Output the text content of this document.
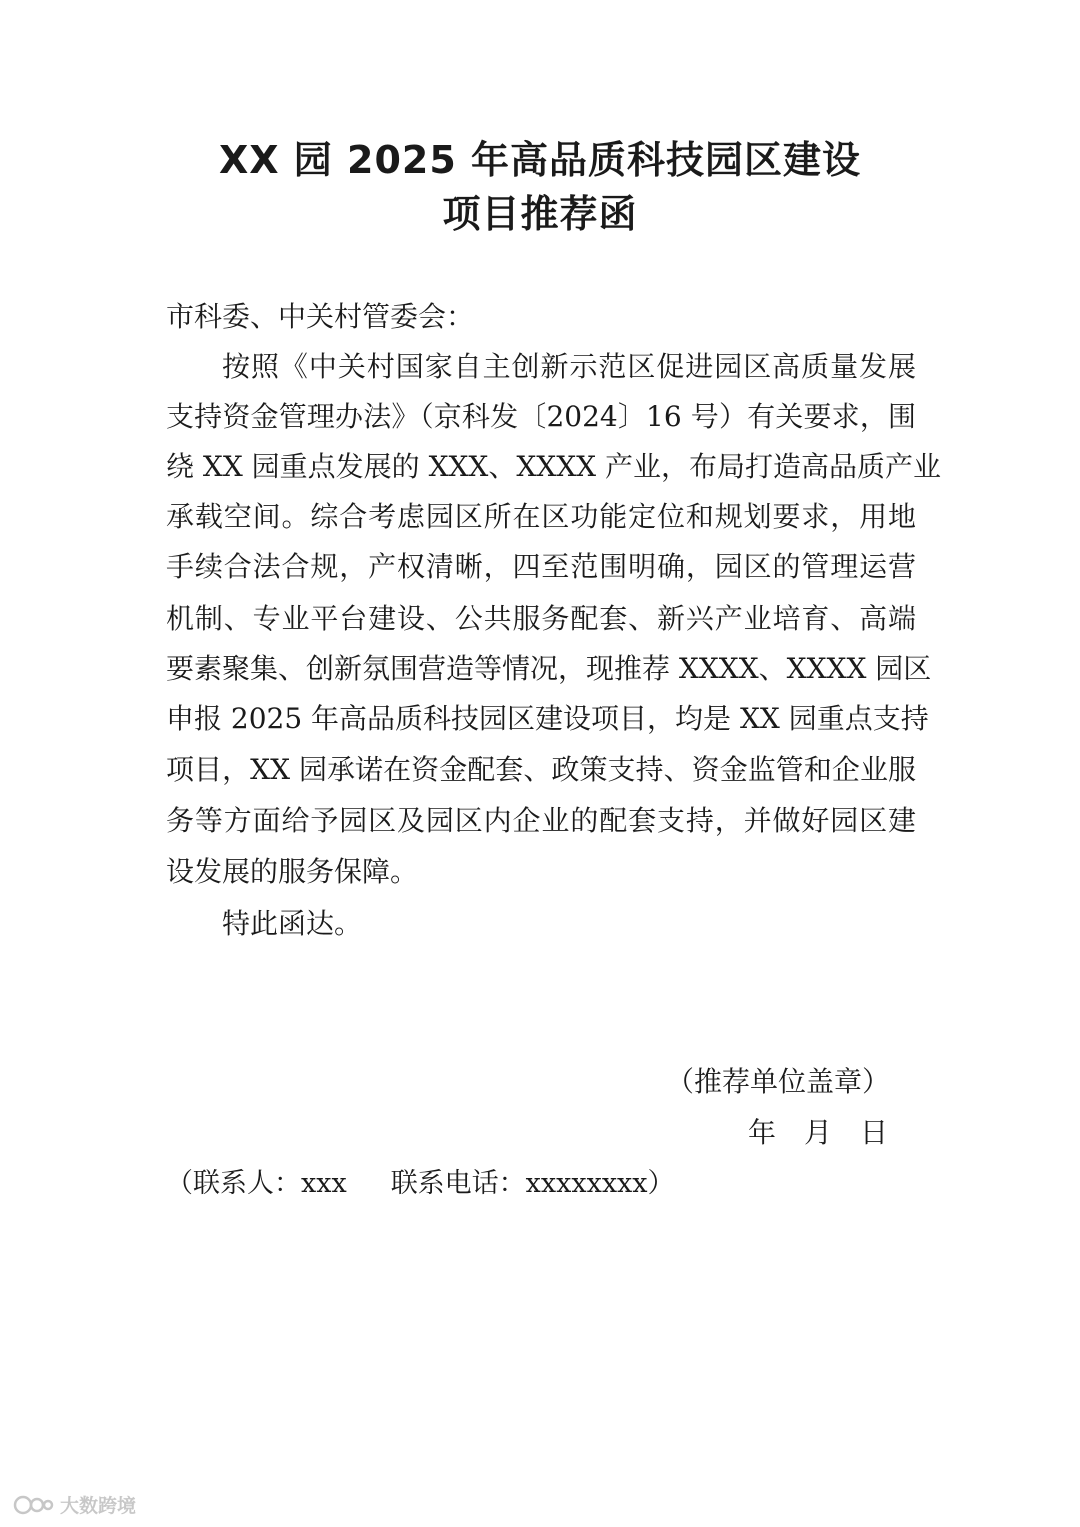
XX 园 2025 年高品质科技园区建设
项目推荐函
市科委、中关村管委会：
按照《中关村国家自主创新示范区促进园区高质量发展
支持资金管理办法》（京科发〔2024〕16 号）有关要求，围
绕 XX 园重点发展的 XXX、XXXX 产业，布局打造高品质产业
承载空间。综合考虑园区所在区功能定位和规划要求，用地
手续合法合规，产权清晰，四至范围明确，园区的管理运营
机制、专业平台建设、公共服务配套、新兴产业培育、高端
要素聚集、创新氛围营造等情况，现推荐 XXXX、XXXX 园区
申报 2025 年高品质科技园区建设项目，均是 XX 园重点支持
项目，XX 园承诺在资金配套、政策支持、资金监管和企业服
务等方面给予园区及园区内企业的配套支持，并做好园区建
设发展的服务保障。
特此函达。
（推荐单位盖章）
年 月 日
（联系人：xxx 联系电话：xxxxxxxx）
大数跨境
